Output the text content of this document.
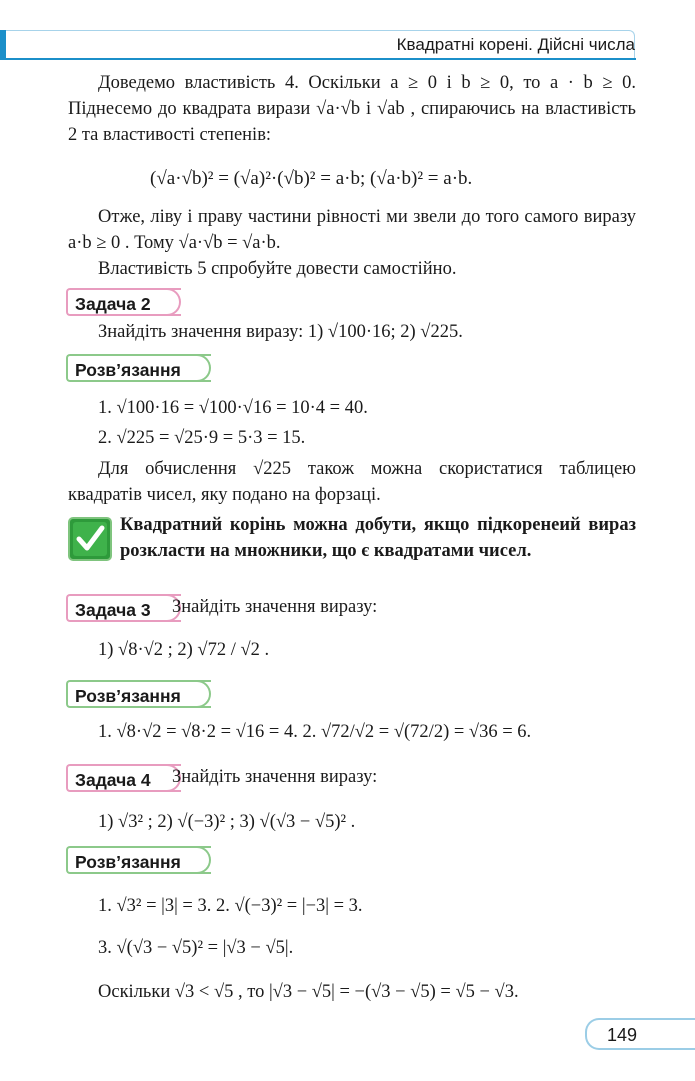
Квадратні корені. Дійсні числа
Доведемо властивість 4. Оскільки a ≥ 0 і b ≥ 0, то a · b ≥ 0. Піднесемо до квадрата вирази √a·√b і √ab , спираючись на властивість 2 та властивості степенів:
(√a·√b)² = (√a)²·(√b)² = a·b; (√a·b)² = a·b.
Отже, ліву і праву частини рівності ми звели до того самого виразу a·b ≥ 0 . Тому √a·√b = √a·b.
Властивість 5 спробуйте довести самостійно.
Задача 2
Знайдіть значення виразу: 1) √100·16; 2) √225.
Розв’язання
1. √100·16 = √100·√16 = 10·4 = 40.
2. √225 = √25·9 = 5·3 = 15.
Для обчислення √225 також можна скористатися таблицею квадратів чисел, яку подано на форзаці.
Квадратний корінь можна добути, якщо підкоренеий вираз розкласти на множники, що є квадратами чисел.
Задача 3	Знайдіть значення виразу:
1) √8·√2 ; 2) √72 / √2 .
Розв’язання
1. √8·√2 = √8·2 = √16 = 4. 2. √72/√2 = √(72/2) = √36 = 6.
Задача 4	Знайдіть значення виразу:
1) √3² ; 2) √(−3)² ; 3) √(√3 − √5)² .
Розв’язання
1. √3² = |3| = 3. 2. √(−3)² = |−3| = 3.
3. √(√3 − √5)² = |√3 − √5|.
Оскільки √3 < √5 , то |√3 − √5| = −(√3 − √5) = √5 − √3.
149
